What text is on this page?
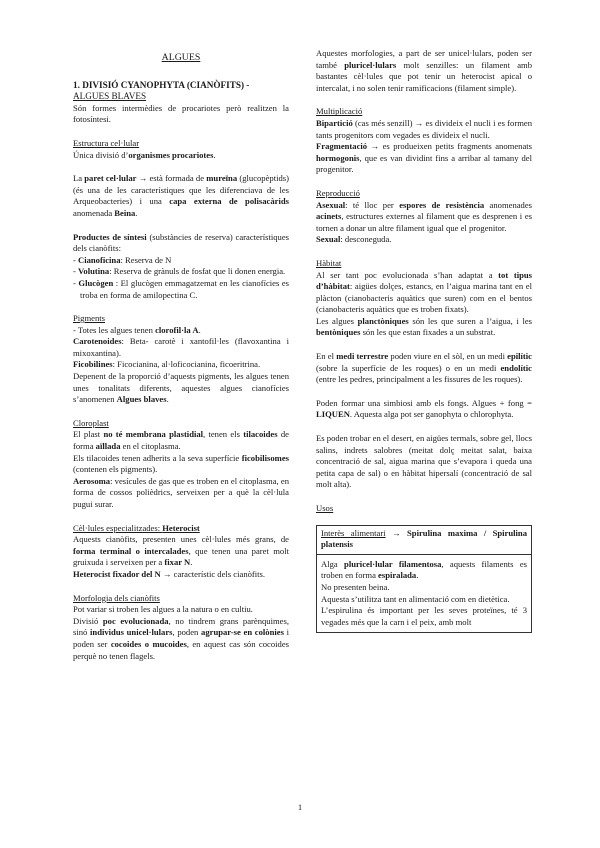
ALGUES

1. DIVISIÓ CYANOPHYTA (CIANÒFITS) -

ALGUES BLAVES

Són formes intermèdies de procariotes però realitzen la fotosíntesi.

Estructura cel·lular

Única divisió d’organismes procariotes.

La paret cel·lular → està formada de mureïna (glucopèptids) (és una de les característiques que les diferenciava de les Arqueobacteries) i una capa externa de polisacàrids anomenada Beina.

Productes de síntesi (substàncies de reserva) característiques dels cianòfits:

- Cianoficina: Reserva de N
- Volutina: Reserva de grànuls de fosfat que li donen energia.
- Glucògen : El glucògen emmagatzemat en les cianofícies es troba en forma de amilopectina C.

Pigments

- Totes les algues tenen clorofil·la A.

Carotenoides: Beta- carotè i xantofil·les (flavoxantina i mixoxantina).

Ficobilines: Ficocianina, al·loficocianina, ficoeritrina.

Depenent de la proporció d’aquests pigments, les algues tenen unes tonalitats diferents, aquestes algues cianofícies s’anomenen Algues blaves.

Cloroplast

El plast no té membrana plastidial, tenen els tilacoides de forma aïllada en el citoplasma.

Els tilacoides tenen adherits a la seva superfície ficobilisomes (contenen els pigments).

Aerosoma: vesícules de gas que es troben en el citoplasma, en forma de cossos polièdrics, serveixen per a què la cèl·lula pugui surar.

Cèl·lules especialitzades: Heterocist

Aquests cianòfits, presenten unes cèl·lules més grans, de forma terminal o intercalades, que tenen una paret molt gruixuda i serveixen per a fixar N.

Heterocist fixador del N → característic dels cianòfits.

Morfologia dels cianòfits

Pot variar si troben les algues a la natura o en cultiu.

Divisió poc evolucionada, no tindrem grans parènquimes, sinó individus unicel·lulars, poden agrupar-se en colònies i poden ser cocoides o mucoides, en aquest cas són cocoides perquè no tenen flagels.

Aquestes morfologies, a part de ser unicel·lulars, poden ser també pluricel·lulars molt senzilles: un filament amb bastantes cèl·lules que pot tenir un heterocist apical o intercalat, i no solen tenir ramificacions (filament simple).

Multiplicació

Bipartició (cas més senzill) → es divideix el nucli i es formen tants progenitors com vegades es divideix el nucli.

Fragmentació → es produeixen petits fragments anomenats hormogonis, que es van dividint fins a arribar al tamany del progenitor.

Reproducció

Asexual: té lloc per espores de resistència anomenades acinets, estructures externes al filament que es desprenen i es tornen a donar un altre filament igual que el progenitor.

Sexual: desconeguda.

Hàbitat

Al ser tant poc evolucionada s’han adaptat a tot tipus d’hàbitat: aigües dolçes, estancs, en l’aigua marina tant en el plàcton (cianobacteris aquàtics que suren) com en el bentos (cianobacteris aquàtics que es troben fixats).

Les algues planctòniques són les que suren a l’aigua, i les bentòniques són les que estan fixades a un substrat.

En el medi terrestre poden viure en el sòl, en un medi epilític (sobre la superfície de les roques) o en un medi endolític (entre les pedres, principalment a les fissures de les roques).

Poden formar una simbiosi amb els fongs. Algues + fong = LIQUEN. Aquesta alga pot ser ganophyta o chlorophyta.

Es poden trobar en el desert, en aigües termals, sobre gel, llocs salins, indrets salobres (meitat dolç meitat salat, baixa concentració de sal, aigua marina que s’evapora i queda una petita capa de sal) o en hàbitat hipersalí (concentració de sal molt alta).

Usos

Interès alimentari → Spirulina maxima / Spirulina platensis

Alga pluricel·lular filamentosa, aquests filaments es troben en forma espiralada.

No presenten beina.

Aquesta s’utilitza tant en alimentació com en dietètica.

L’espirulina és important per les seves proteïnes, té 3 vegades més que la carn i el peix, amb molt

1
